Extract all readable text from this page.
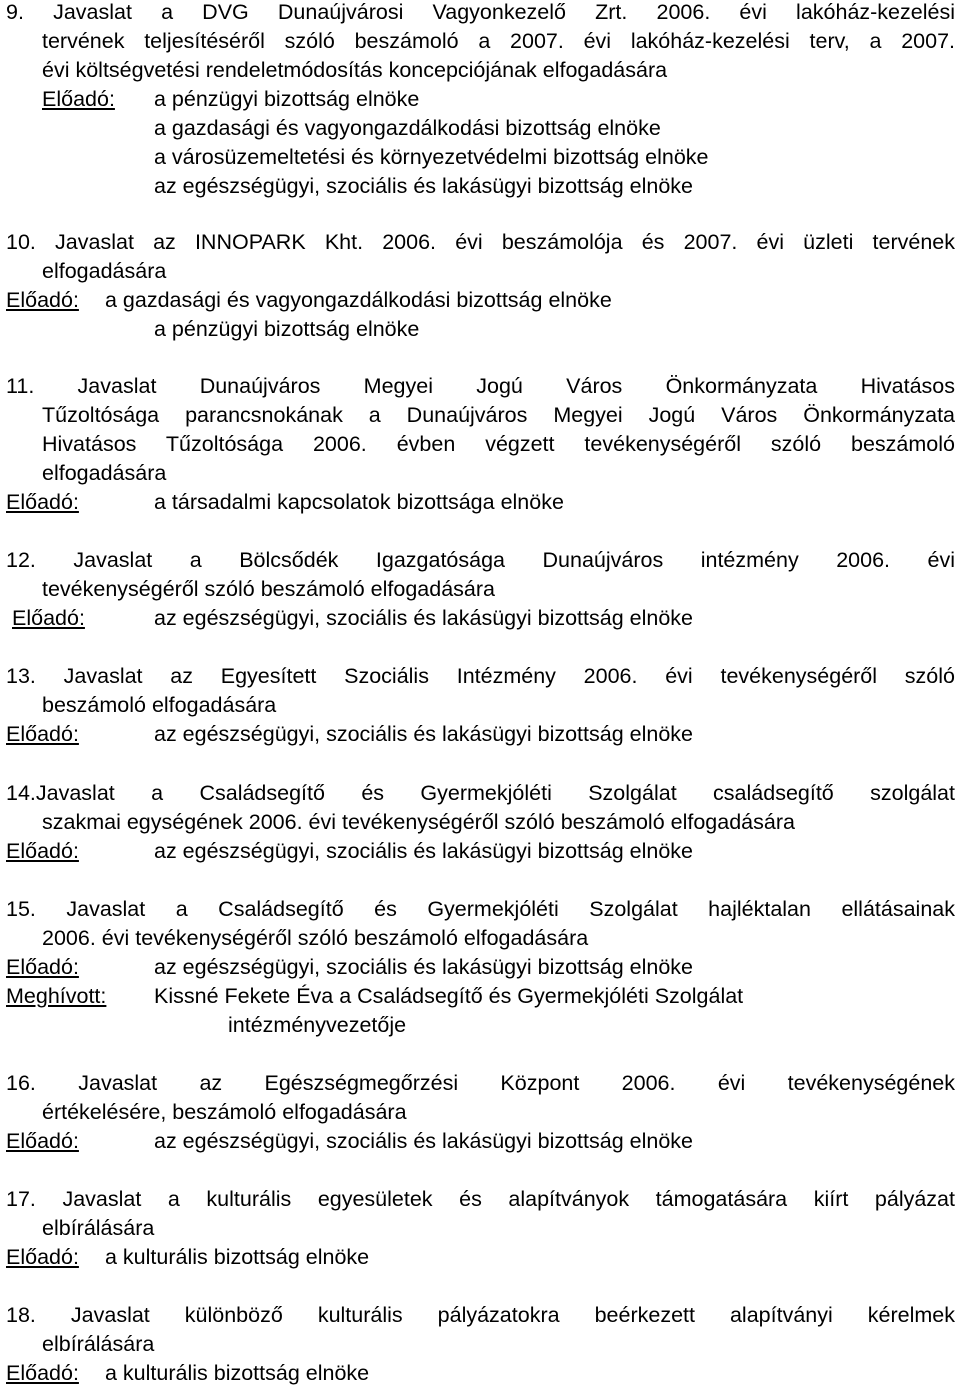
9. Javaslat a DVG Dunaújvárosi Vagyonkezelő Zrt. 2006. évi lakóház-kezelési
tervének teljesítéséről szóló beszámoló a 2007. évi lakóház-kezelési terv, a 2007.
évi költségvetési rendeletmódosítás koncepciójának elfogadására
Előadó: a pénzügyi bizottság elnöke
a gazdasági és vagyongazdálkodási bizottság elnöke
a városüzemeltetési és környezetvédelmi bizottság elnöke
az egészségügyi, szociális és lakásügyi bizottság elnöke
10. Javaslat az INNOPARK Kht. 2006. évi beszámolója és 2007. évi üzleti tervének
elfogadására
Előadó: a gazdasági és vagyongazdálkodási bizottság elnöke
a pénzügyi bizottság elnöke
11. Javaslat Dunaújváros Megyei Jogú Város Önkormányzata Hivatásos
Tűzoltósága parancsnokának a Dunaújváros Megyei Jogú Város Önkormányzata
Hivatásos Tűzoltósága 2006. évben végzett tevékenységéről szóló beszámoló
elfogadására
Előadó:	a társadalmi kapcsolatok bizottsága elnöke
12. Javaslat a Bölcsődék Igazgatósága Dunaújváros intézmény 2006. évi
tevékenységéről szóló beszámoló elfogadására
Előadó:	az egészségügyi, szociális és lakásügyi bizottság elnöke
13. Javaslat az Egyesített Szociális Intézmény 2006. évi tevékenységéről szóló
beszámoló elfogadására
Előadó:	az egészségügyi, szociális és lakásügyi bizottság elnöke
14.Javaslat a Családsegítő és Gyermekjóléti Szolgálat családsegítő szolgálat
szakmai egységének 2006. évi tevékenységéről szóló beszámoló elfogadására
Előadó:	az egészségügyi, szociális és lakásügyi bizottság elnöke
15. Javaslat a Családsegítő és Gyermekjóléti Szolgálat hajléktalan ellátásainak
2006. évi tevékenységéről szóló beszámoló elfogadására
Előadó:	az egészségügyi, szociális és lakásügyi bizottság elnöke
Meghívott: Kissné Fekete Éva a Családsegítő és Gyermekjóléti Szolgálat
intézményvezetője
16. Javaslat az Egészségmegőrzési Központ 2006. évi tevékenységének
értékelésére, beszámoló elfogadására
Előadó:	az egészségügyi, szociális és lakásügyi bizottság elnöke
17. Javaslat a kulturális egyesületek és alapítványok támogatására kiírt pályázat
elbírálására
Előadó: a kulturális bizottság elnöke
18. Javaslat különböző kulturális pályázatokra beérkezett alapítványi kérelmek
elbírálására
Előadó: a kulturális bizottság elnöke
